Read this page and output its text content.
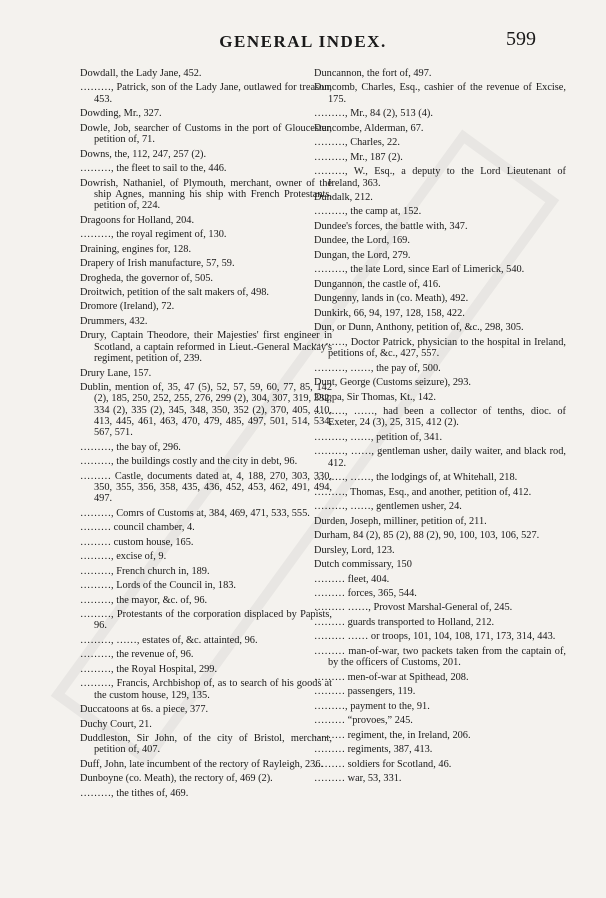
GENERAL INDEX.	599
Dowdall, the Lady Jane, 452.
………, Patrick, son of the Lady Jane, outlawed for treason, 453.
Dowding, Mr., 327.
Dowle, Job, searcher of Customs in the port of Gloucester, petition of, 71.
Downs, the, 112, 247, 257 (2).
………, the fleet to sail to the, 446.
Dowrish, Nathaniel, of Plymouth, merchant, owner of the ship Agnes, manning his ship with French Protestants, petition of, 224.
Dragoons for Holland, 204.
………, the royal regiment of, 130.
Draining, engines for, 128.
Drapery of Irish manufacture, 57, 59.
Drogheda, the governor of, 505.
Droitwich, petition of the salt makers of, 498.
Dromore (Ireland), 72.
Drummers, 432.
Drury, Captain Theodore, their Majesties' first engineer in Scotland, a captain reformed in Lieut.-General Mackay's regiment, petition of, 239.
Drury Lane, 157.
Dublin, mention of, 35, 47 (5), 52, 57, 59, 60, 77, 85, 142 (2), 185, 250, 252, 255, 276, 299 (2), 304, 307, 319, 332, 334 (2), 335 (2), 345, 348, 350, 352 (2), 370, 405, 410, 413, 445, 461, 463, 470, 479, 485, 497, 501, 514, 534, 567, 571.
………, the bay of, 296.
………, the buildings costly and the city in debt, 96.
……… Castle, documents dated at, 4, 188, 270, 303, 330, 350, 355, 356, 358, 435, 436, 452, 453, 462, 491, 494, 497.
………, Comrs of Customs at, 384, 469, 471, 533, 555.
……… council chamber, 4.
……… custom house, 165.
………, excise of, 9.
………, French church in, 189.
………, Lords of the Council in, 183.
………, the mayor, &c. of, 96.
………, Protestants of the corporation displaced by Papists, 96.
………, ……, estates of, &c. attainted, 96.
………, the revenue of, 96.
………, the Royal Hospital, 299.
………, Francis, Archbishop of, as to search of his goods at the custom house, 129, 135.
Duccatoons at 6s. a piece, 377.
Duchy Court, 21.
Duddleston, Sir John, of the city of Bristol, merchant, petition of, 407.
Duff, John, late incumbent of the rectory of Rayleigh, 236.
Dunboyne (co. Meath), the rectory of, 469 (2).
………, the tithes of, 469.
Duncannon, the fort of, 497.
Duncomb, Charles, Esq., cashier of the revenue of Excise, 175.
………, Mr., 84 (2), 513 (4).
Duncombe, Alderman, 67.
………, Charles, 22.
………, Mr., 187 (2).
………, W., Esq., a deputy to the Lord Lieutenant of Ireland, 363.
Dundalk, 212.
………, the camp at, 152.
Dundee's forces, the battle with, 347.
Dundee, the Lord, 169.
Dungan, the Lord, 279.
………, the late Lord, since Earl of Limerick, 540.
Dungannon, the castle of, 416.
Dungenny, lands in (co. Meath), 492.
Dunkirk, 66, 94, 197, 128, 158, 422.
Dun, or Dunn, Anthony, petition of, &c., 298, 305.
………, Doctor Patrick, physician to the hospital in Ireland, petitions of, &c., 427, 557.
………, ……, the pay of, 500.
Dunt, George (Customs seizure), 293.
Duppa, Sir Thomas, Kt., 142.
………, ……, had been a collector of tenths, dioc. of Exeter, 24 (3), 25, 315, 412 (2).
………, ……, petition of, 341.
………, ……, gentleman usher, daily waiter, and black rod, 412.
………, ……, the lodgings of, at Whitehall, 218.
………, Thomas, Esq., and another, petition of, 412.
………, ……, gentlemen usher, 24.
Durden, Joseph, milliner, petition of, 211.
Durham, 84 (2), 85 (2), 88 (2), 90, 100, 103, 106, 527.
Dursley, Lord, 123.
Dutch commissary, 150
……… fleet, 404.
……… forces, 365, 544.
……… ……, Provost Marshal-General of, 245.
……… guards transported to Holland, 212.
……… …… or troops, 101, 104, 108, 171, 173, 314, 443.
……… man-of-war, two packets taken from the captain of, by the officers of Customs, 201.
……… men-of-war at Spithead, 208.
……… passengers, 119.
………, payment to the, 91.
……… “provoes,” 245.
……… regiment, the, in Ireland, 206.
……… regiments, 387, 413.
……… soldiers for Scotland, 46.
……… war, 53, 331.
